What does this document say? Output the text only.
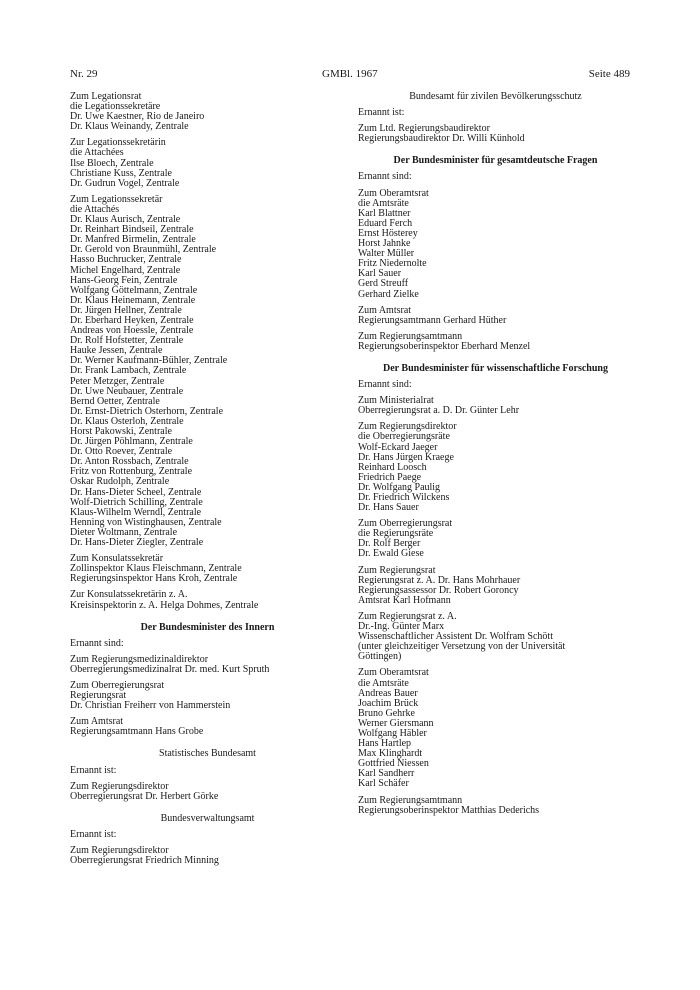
Nr. 29	GMBl. 1967	Seite 489
Zum Legationsrat
die Legationssekretäre
Dr. Uwe Kaestner, Rio de Janeiro
Dr. Klaus Weinandy, Zentrale
Zur Legationssekretärin
die Attachées
Ilse Bloech, Zentrale
Christiane Kuss, Zentrale
Dr. Gudrun Vogel, Zentrale
Zum Legationssekretär
die Attachés
Dr. Klaus Aurisch, Zentrale
Dr. Reinhart Bindseil, Zentrale
Dr. Manfred Birmelin, Zentrale
Dr. Gerold von Braunmühl, Zentrale
Hasso Buchrucker, Zentrale
Michel Engelhard, Zentrale
Hans-Georg Fein, Zentrale
Wolfgang Göttelmann, Zentrale
Dr. Klaus Heinemann, Zentrale
Dr. Jürgen Hellner, Zentrale
Dr. Eberhard Heyken, Zentrale
Andreas von Hoessle, Zentrale
Dr. Rolf Hofstetter, Zentrale
Hauke Jessen, Zentrale
Dr. Werner Kaufmann-Bühler, Zentrale
Dr. Frank Lambach, Zentrale
Peter Metzger, Zentrale
Dr. Uwe Neubauer, Zentrale
Bernd Oetter, Zentrale
Dr. Ernst-Dietrich Osterhorn, Zentrale
Dr. Klaus Osterloh, Zentrale
Horst Pakowski, Zentrale
Dr. Jürgen Pöhlmann, Zentrale
Dr. Otto Roever, Zentrale
Dr. Anton Rossbach, Zentrale
Fritz von Rottenburg, Zentrale
Oskar Rudolph, Zentrale
Dr. Hans-Dieter Scheel, Zentrale
Wolf-Dietrich Schilling, Zentrale
Klaus-Wilhelm Werndl, Zentrale
Henning von Wistinghausen, Zentrale
Dieter Woltmann, Zentrale
Dr. Hans-Dieter Ziegler, Zentrale
Zum Konsulatssekretär
Zollinspektor Klaus Fleischmann, Zentrale
Regierungsinspektor Hans Kroh, Zentrale
Zur Konsulatssekretärin z. A.
Kreisinspektorin z. A. Helga Dohmes, Zentrale
Der Bundesminister des Innern
Ernannt sind:
Zum Regierungsmedizinaldirektor
Oberregierungsmedizinalrat Dr. med. Kurt Spruth
Zum Oberregierungsrat
Regierungsrat
Dr. Christian Freiherr von Hammerstein
Zum Amtsrat
Regierungsamtmann Hans Grobe
Statistisches Bundesamt
Ernannt ist:
Zum Regierungsdirektor
Oberregierungsrat Dr. Herbert Görke
Bundesverwaltungsamt
Ernannt ist:
Zum Regierungsdirektor
Oberregierungsrat Friedrich Minning
Bundesamt für zivilen Bevölkerungsschutz
Ernannt ist:
Zum Ltd. Regierungsbaudirektor
Regierungsbaudirektor Dr. Willi Künhold
Der Bundesminister für gesamtdeutsche Fragen
Ernannt sind:
Zum Oberamtsrat
die Amtsräte
Karl Blattner
Eduard Ferch
Ernst Hösterey
Horst Jahnke
Walter Müller
Fritz Niedernolte
Karl Sauer
Gerd Streuff
Gerhard Zielke
Zum Amtsrat
Regierungsamtmann Gerhard Hüther
Zum Regierungsamtmann
Regierungsoberinspektor Eberhard Menzel
Der Bundesminister für wissenschaftliche Forschung
Ernannt sind:
Zum Ministerialrat
Oberregierungsrat a. D. Dr. Günter Lehr
Zum Regierungsdirektor
die Oberregierungsräte
Wolf-Eckard Jaeger
Dr. Hans Jürgen Kraege
Reinhard Loosch
Friedrich Paege
Dr. Wolfgang Paulig
Dr. Friedrich Wilckens
Dr. Hans Sauer
Zum Oberregierungsrat
die Regierungsräte
Dr. Rolf Berger
Dr. Ewald Giese
Zum Regierungsrat
Regierungsrat z. A. Dr. Hans Mohrhauer
Regierungsassessor Dr. Robert Goroncy
Amtsrat Karl Hofmann
Zum Regierungsrat z. A.
Dr.-Ing. Günter Marx
Wissenschaftlicher Assistent Dr. Wolfram Schött
(unter gleichzeitiger Versetzung von der Universität
Göttingen)
Zum Oberamtsrat
die Amtsräte
Andreas Bauer
Joachim Brück
Bruno Gehrke
Werner Giersmann
Wolfgang Häbler
Hans Hartlep
Max Klinghardt
Gottfried Niessen
Karl Sandherr
Karl Schäfer
Zum Regierungsamtmann
Regierungsoberinspektor Matthias Dederichs
